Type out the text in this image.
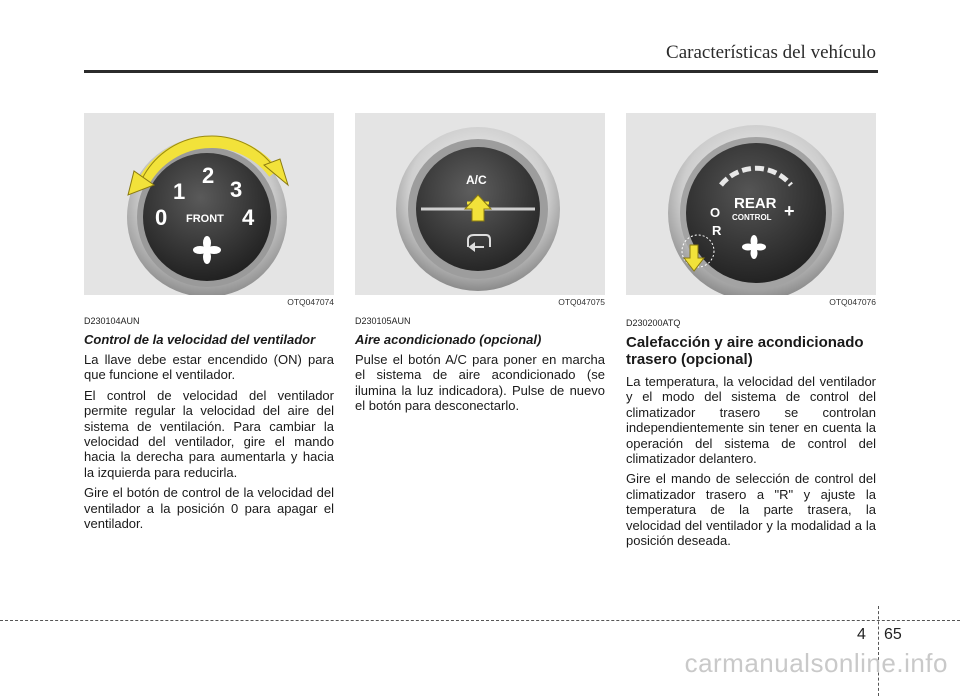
Características del vehículo
2
1 3
0	4
FRONT
OTQ047074
A/C
OTQ047075
REAR
CONTROL
O
R
+
OTQ047076
D230104AUN
Control de la velocidad del ventilador

La llave debe estar encendido (ON) para que funcione el ventilador.

El control de velocidad del ventilador permite regular la velocidad del aire del sistema de ventilación. Para cambiar la velocidad del ventilador, gire el mando hacia la derecha para aumentarla y hacia la izquierda para reducirla.

Gire el botón de control de la velocidad del ventilador a la posición 0 para apagar el ventilador.

D230105AUN
Aire acondicionado (opcional)

Pulse el botón A/C para poner en marcha el sistema de aire acondicionado (se ilumina la luz indicadora). Pulse de nuevo el botón para desconectarlo.

D230200ATQ
Calefacción y aire acondicionado trasero (opcional)

La temperatura, la velocidad del ventilador y el modo del sistema de control del climatizador trasero se controlan independientemente sin tener en cuenta la operación del sistema de control del climatizador delantero.

Gire el mando de selección de control del climatizador trasero a "R" y ajuste la temperatura de la parte trasera, la velocidad del ventilador y la modalidad a la posición deseada.

4 65
carmanualsonline.info
